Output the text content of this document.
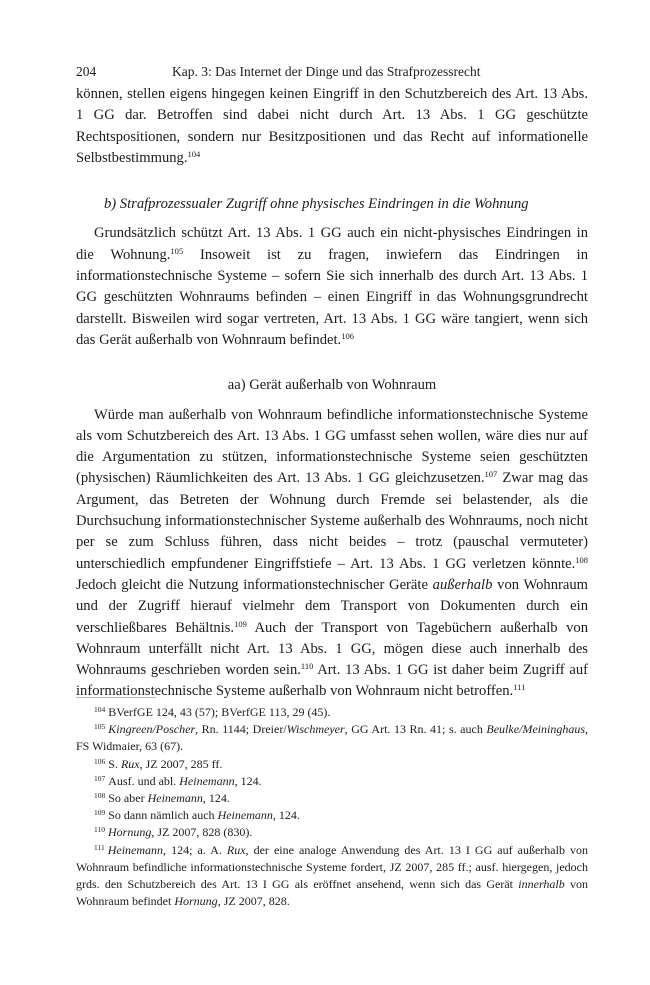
204	Kap. 3: Das Internet der Dinge und das Strafprozessrecht

können, stellen eigens hingegen keinen Eingriff in den Schutzbereich des Art. 13 Abs. 1 GG dar. Betroffen sind dabei nicht durch Art. 13 Abs. 1 GG geschützte Rechtspositionen, sondern nur Besitzpositionen und das Recht auf informationelle Selbstbestimmung.$^{104}$

b) Strafprozessualer Zugriff ohne physisches Eindringen in die Wohnung

Grundsätzlich schützt Art. 13 Abs. 1 GG auch ein nicht-physisches Eindringen in die Wohnung.$^{105}$ Insoweit ist zu fragen, inwiefern das Eindringen in informationstechnische Systeme – sofern Sie sich innerhalb des durch Art. 13 Abs. 1 GG geschützten Wohnraums befinden – einen Eingriff in das Wohnungsgrundrecht darstellt. Bisweilen wird sogar vertreten, Art. 13 Abs. 1 GG wäre tangiert, wenn sich das Gerät außerhalb von Wohnraum befindet.$^{106}$

aa) Gerät außerhalb von Wohnraum

Würde man außerhalb von Wohnraum befindliche informationstechnische Systeme als vom Schutzbereich des Art. 13 Abs. 1 GG umfasst sehen wollen, wäre dies nur auf die Argumentation zu stützen, informationstechnische Systeme seien geschützten (physischen) Räumlichkeiten des Art. 13 Abs. 1 GG gleichzusetzen.$^{107}$ Zwar mag das Argument, das Betreten der Wohnung durch Fremde sei belastender, als die Durchsuchung informationstechnischer Systeme außerhalb des Wohnraums, noch nicht per se zum Schluss führen, dass nicht beides – trotz (pauschal vermuteter) unterschiedlich empfundener Eingriffstiefe – Art. 13 Abs. 1 GG verletzen könnte.$^{108}$ Jedoch gleicht die Nutzung informationstechnischer Geräte außerhalb von Wohnraum und der Zugriff hierauf vielmehr dem Transport von Dokumenten durch ein verschließbares Behältnis.$^{109}$ Auch der Transport von Tagebüchern außerhalb von Wohnraum unterfällt nicht Art. 13 Abs. 1 GG, mögen diese auch innerhalb des Wohnraums geschrieben worden sein.$^{110}$ Art. 13 Abs. 1 GG ist daher beim Zugriff auf informationstechnische Systeme außerhalb von Wohnraum nicht betroffen.$^{111}$

$^{104}$ BVerfGE 124, 43 (57); BVerfGE 113, 29 (45).

$^{105}$ Kingreen/Poscher, Rn. 1144; Dreier/Wischmeyer, GG Art. 13 Rn. 41; s. auch Beulke/Meininghaus, FS Widmaier, 63 (67).

$^{106}$ S. Rux, JZ 2007, 285 ff.

$^{107}$ Ausf. und abl. Heinemann, 124.

$^{108}$ So aber Heinemann, 124.

$^{109}$ So dann nämlich auch Heinemann, 124.

$^{110}$ Hornung, JZ 2007, 828 (830).

$^{111}$ Heinemann, 124; a. A. Rux, der eine analoge Anwendung des Art. 13 I GG auf außerhalb von Wohnraum befindliche informationstechnische Systeme fordert, JZ 2007, 285 ff.; ausf. hiergegen, jedoch grds. den Schutzbereich des Art. 13 I GG als eröffnet ansehend, wenn sich das Gerät innerhalb von Wohnraum befindet Hornung, JZ 2007, 828.
